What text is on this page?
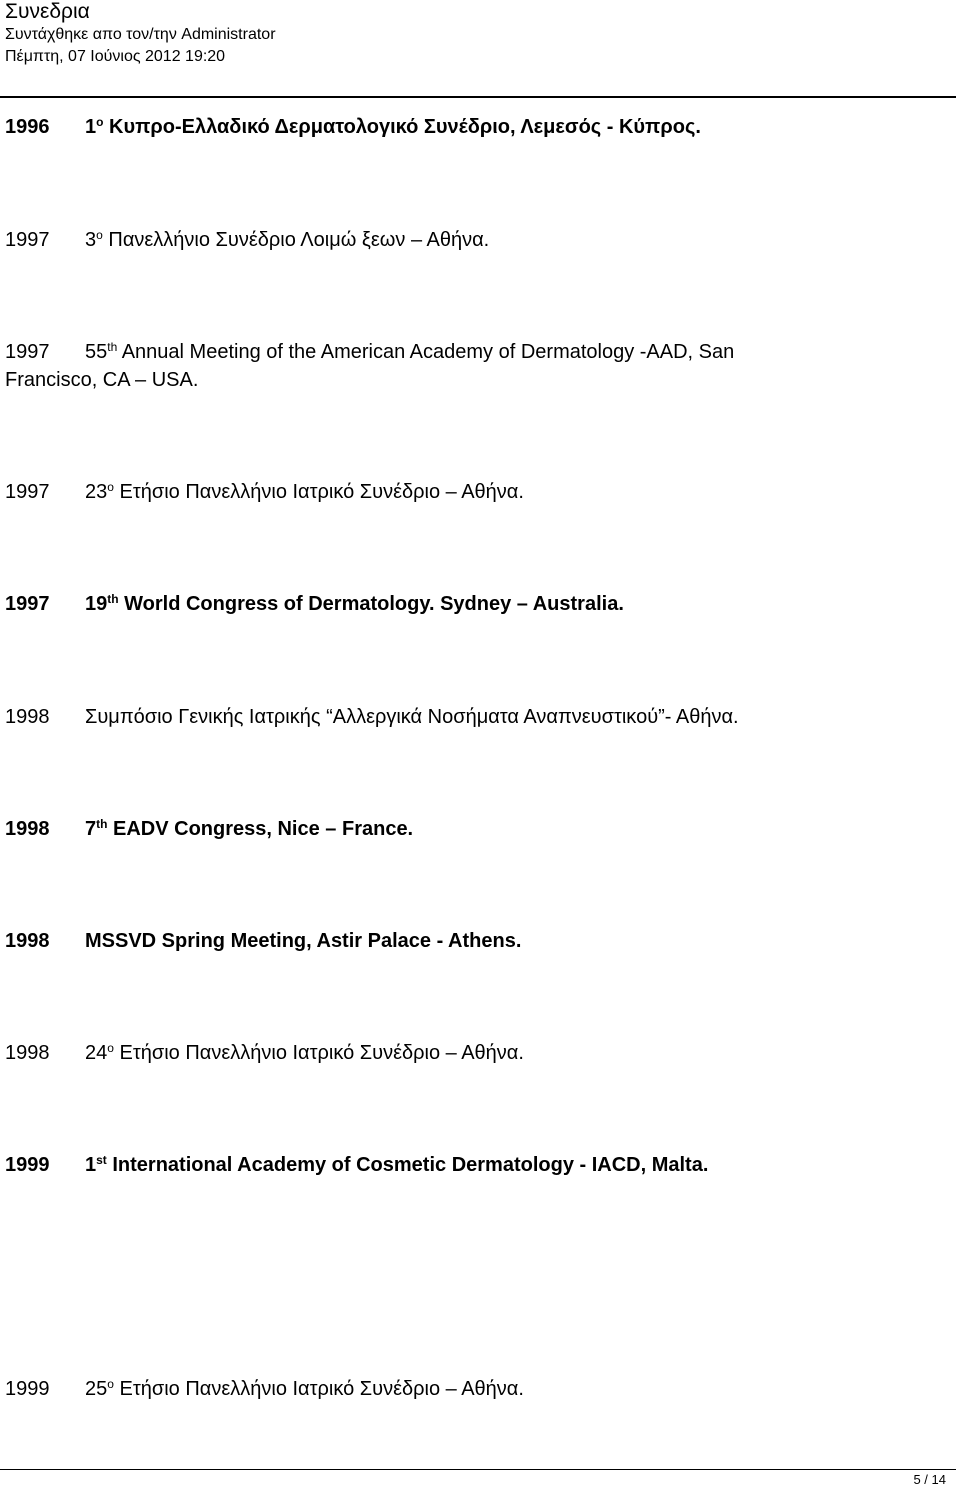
Συνεδρια
Συντάχθηκε απο τον/την Administrator
Πέμπτη, 07 Ιούνιος 2012 19:20
1996 1$^o$ Κυπρο-Ελλαδικό Δερματολογικό Συνέδριο, Λεμεσός - Κύπρος.
1997 3$^o$ Πανελλήνιο Συνέδριο Λοιμώ ξεων – Αθήνα.
1997 55th Annual Meeting of the American Academy of Dermatology -AAD, San
Francisco, CA – USA.
1997 23$^o$ Ετήσιο Πανελλήνιο Ιατρικό Συνέδριο – Αθήνα.
1997 19th World Congress of Dermatology. Sydney – Australia.
1998 Συμπόσιο Γενικής Ιατρικής “Αλλεργικά Νοσήματα Αναπνευστικού”- Αθήνα.
1998 7th EADV Congress, Nice – France.
1998 MSSVD Spring Meeting, Astir Palace - Athens.
1998 $24^o$ Ετήσιο Πανελλήνιο Ιατρικό Συνέδριο – Αθήνα.
1999 1st International Academy of Cosmetic Dermatology - IACD, Malta.
1999 $25^o$ Ετήσιο Πανελλήνιο Ιατρικό Συνέδριο – Αθήνα.
5 / 14
